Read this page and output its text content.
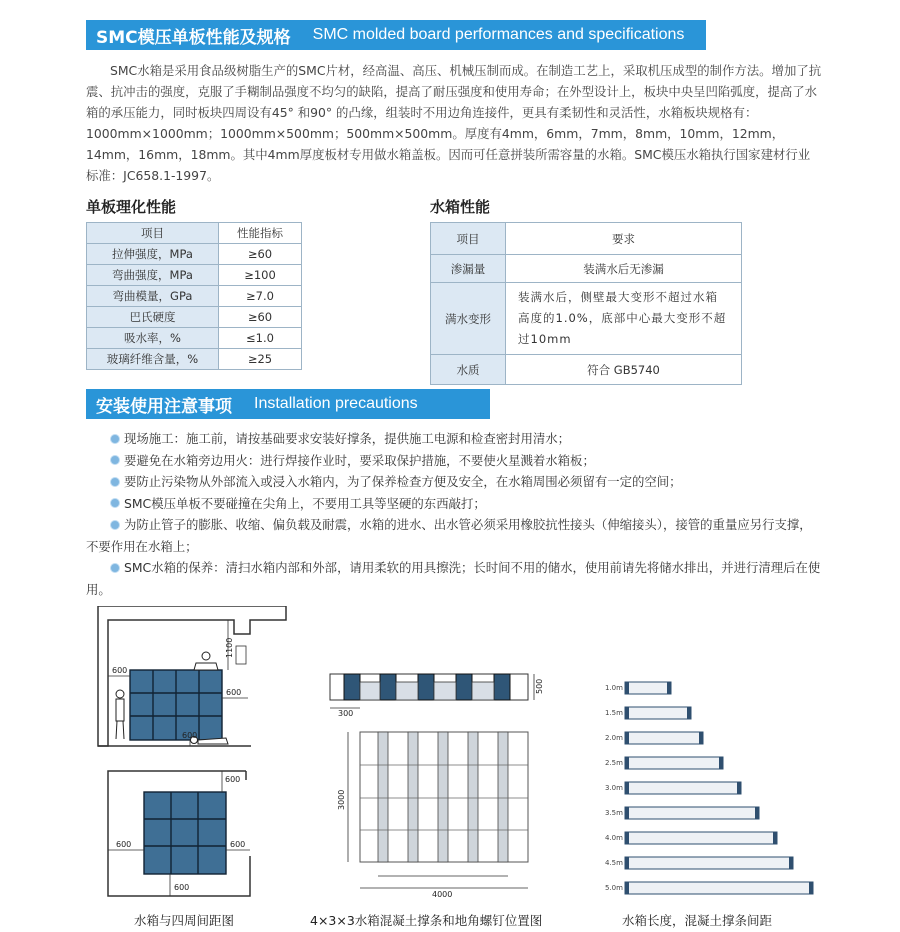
SMC模压单板性能及规格 SMC molded board performances and specifications

SMC水箱是采用食品级树脂生产的SMC片材，经高温、高压、机械压制而成。在制造工艺上，采取机压成型的制作方法。增加了抗震、抗冲击的强度，克服了手糊制品强度不均匀的缺陷，提高了耐压强度和使用寿命；在外型设计上，板块中央呈凹陷弧度，提高了水箱的承压能力，同时板块四周设有45° 和90° 的凸缘，组装时不用边角连接件，更具有柔韧性和灵活性，水箱板块规格有：1000mm×1000mm；1000mm×500mm；500mm×500mm。厚度有4mm，6mm，7mm，8mm，10mm，12mm，14mm，16mm，18mm。其中4mm厚度板材专用做水箱盖板。因而可任意拼装所需容量的水箱。SMC模压水箱执行国家建材行业标准：JC658.1-1997。

单板理化性能
项目	性能指标
拉伸强度，MPa	≥60
弯曲强度，MPa	≥100
弯曲模量，GPa	≥7.0
巴氏硬度	≥60
吸水率，%	≤1.0
玻璃纤维含量，%	≥25
水箱性能
项目	要求
渗漏量	装满水后无渗漏
满水变形	装满水后，侧壁最大变形不超过水箱高度的1.0%，底部中心最大变形不超过10mm
水质	符合 GB5740
安装使用注意事项 Installation precautions
现场施工：施工前，请按基础要求安装好撑条，提供施工电源和检查密封用清水；
要避免在水箱旁边用火：进行焊接作业时，要采取保护措施，不要使火星溅着水箱板；
要防止污染物从外部流入或浸入水箱内，为了保养检查方便及安全，在水箱周围必须留有一定的空间；
SMC模压单板不要碰撞在尖角上，不要用工具等坚硬的东西敲打；
为防止管子的膨胀、收缩、偏负载及耐震，水箱的进水、出水管必须采用橡胶抗性接头（伸缩接头），接管的重量应另行支撑，不要作用在水箱上；
SMC水箱的保养：清扫水箱内部和外部，请用柔软的用具擦洗；长时间不用的储水，使用前请先将储水排出，并进行清理后在使用。
1100
600
600
600
600
600	600
600
水箱与四周间距图
300
500
3000
4000
4×3×3水箱混凝土撑条和地角螺钉位置图
1.0m
1.5m
2.0m
2.5m
3.0m
3.5m
4.0m
4.5m
5.0m
水箱长度，混凝土撑条间距
